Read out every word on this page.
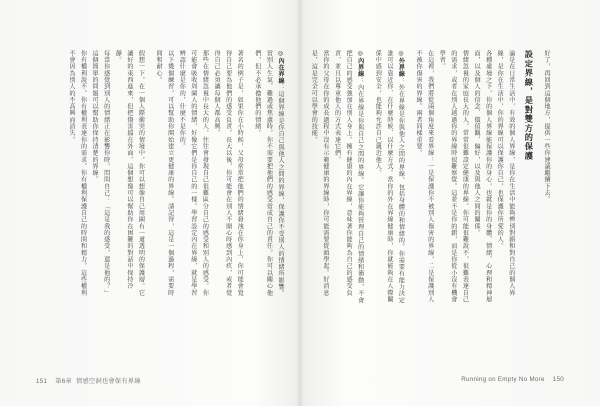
好了，再回到這個地方，提供一些你建議繼續下去。

設定界線，是對雙方的保護

論是在日常生活中，有效的個人界線，是你在生活中能夠辨別對錯和對自己的個人界線，是你在生活中，你的界線可以保護你自己，也保護你所愛的人。

各種處境之下，你的個人界線能保護你的身心，也就是你的身體、情緒、心理和精神層面，以及個人的信念、價值觀、偏好，以及與他人之間的關係。

情緒忽視的家庭長大的人，常常很難設定健康的界線。你可能很難說不，很難表達自己的需求，或者在別人越過你的界線時很難察覺。這並不是你的錯，而是你從小沒有機會學習。

在這裡，我們將從兩個角度來看界線：一是保護你不被別人傷害的界線，二是保護別人不被你傷害的界線。兩者同樣重要。

◎外界線：外在界線是你與他人之間的界線，包括身體的和情緒的。你需要有能力決定誰可以靠近你、在什麼時候、以什麼方式。當你的外在界線健康時，你就能夠在人際關係中感到安全，也能夠允許自己親近他人。

◎內界線：內在界線是你與自己之間的界線。它讓你能夠管理自己的情緒和衝動，不會把自己的感受強加在別人身上。擁有健康的內在界線，意味著你能夠為自己的感受負責，並且以尊重他人的方式表達它們。

當你的父母在你的成長過程中沒有示範健康的界線時，你可能需要從頭學起。好消息是，這是完全可以學會的技能。

◎內在界線：這個界線是你自己與他人之間的界線，保護你不受別人的情緒所影響。當別人生氣、難過或焦慮時，你不需要把他們的感受當成自己的責任。你可以關心他們，但不必承擔他們的情緒。

著名的例子是，如果你在小時候，父母常常把他們的情緒發洩在你身上，你可能會覺得自己要為他們的感受負責。長大以後，你可能會在別人不開心時感到內疚，或者覺得自己必須讓每個人都高興。

那些在情緒忽視中長大的人，往往會發現自己很難區分自己的感受和別人的感受。你可能會吸收周圍人的情緒，好像它們是你自己的一樣。學習設定內在界線，就是學習辨認什麼是你的，什麼不是你的。

以下幾個練習，可以幫助你開始建立更健康的界線。請記得，這是一個過程，需要時間和耐心。

假想一下，在一個人際衝突的情境中，你可以想像自己周圍有一道透明的保護層。它讓好的東西進來，但把傷害擋在外面。這個想像可以幫助你在困難的對話中保持冷靜。

每當你感覺到別人的情緒正在影響你時，問問自己：「這是我的感受，還是他的？」這個簡單的問題可以幫助你保持清楚的界線。

你有權利說不。你有權利表達你的需求。你有權利保護自己的時間和精力。這些權利不會因為別人的不高興而消失。

151 第6章 情感空洞也會保有界線	Running on Empty No More 150
